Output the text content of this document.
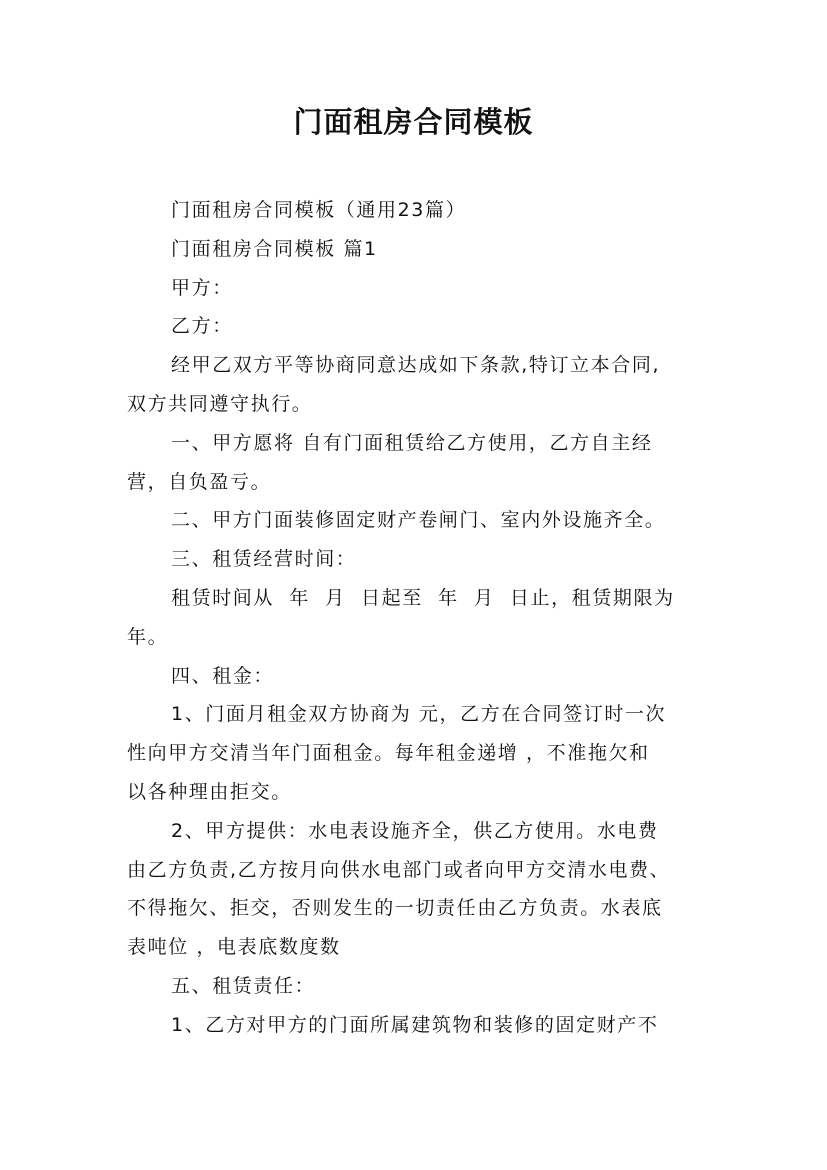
门面租房合同模板

门面租房合同模板（通用23篇）

门面租房合同模板 篇1

甲方：

乙方：

经甲乙双方平等协商同意达成如下条款,特订立本合同,

双方共同遵守执行。

一、甲方愿将 自有门面租赁给乙方使用，乙方自主经

营，自负盈亏。

二、甲方门面装修固定财产卷闸门、室内外设施齐全。

三、租赁经营时间：

租赁时间从  年  月  日起至  年  月  日止，租赁期限为

年。

四、租金：

1、门面月租金双方协商为 元，乙方在合同签订时一次

性向甲方交清当年门面租金。每年租金递增 ，不准拖欠和

以各种理由拒交。

2、甲方提供：水电表设施齐全，供乙方使用。水电费

由乙方负责,乙方按月向供水电部门或者向甲方交清水电费、

不得拖欠、拒交，否则发生的一切责任由乙方负责。水表底

表吨位 ，电表底数度数

五、租赁责任：

1、乙方对甲方的门面所属建筑物和装修的固定财产不
